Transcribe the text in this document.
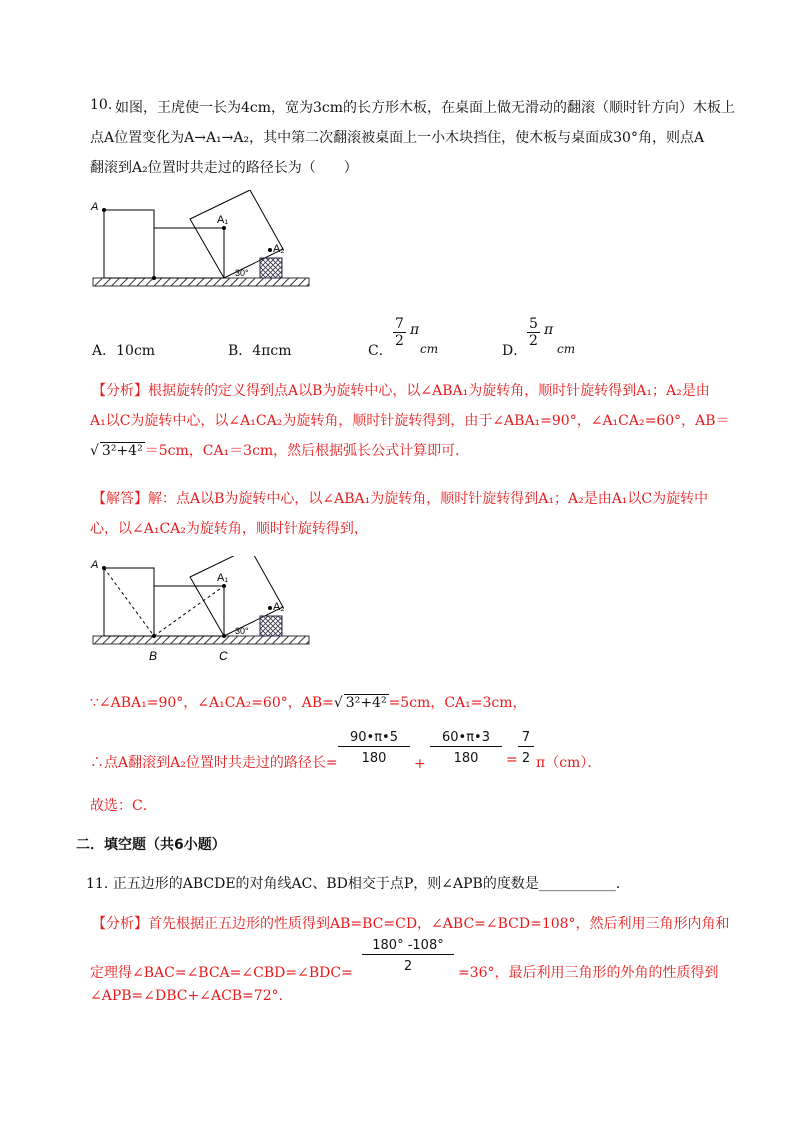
10. 如图，王虎使一长为4cm，宽为3cm的长方形木板，在桌面上做无滑动的翻滚（顺时针方向）木板上
点A位置变化为A→A₁→A₂，其中第二次翻滚被桌面上一小木块挡住，使木板与桌面成30°角，则点A
翻滚到A₂位置时共走过的路径长为（　　）
A
A₁
A₂
30°
A．10cm	B．4πcm	C．
$\frac{7}{2}$ π
cm	D．
$\frac{5}{2}$ π
cm
【分析】根据旋转的定义得到点A以B为旋转中心，以∠ABA₁为旋转角，顺时针旋转得到A₁；A₂是由
A₁以C为旋转中心，以∠A₁CA₂为旋转角，顺时针旋转得到，由于∠ABA₁=90°，∠A₁CA₂=60°，AB＝
√ 3²+4² ＝5cm，CA₁＝3cm，然后根据弧长公式计算即可．
【解答】解：点A以B为旋转中心，以∠ABA₁为旋转角，顺时针旋转得到A₁；A₂是由A₁以C为旋转中
心，以∠A₁CA₂为旋转角，顺时针旋转得到，
A
A₁
A₂
B	C
30°
∵∠ABA₁=90°，∠A₁CA₂=60°，AB=√ 3²+4² =5cm，CA₁=3cm，
∴点A翻滚到A₂位置时共走过的路径长= $\frac{90•\pi•5}{180} + \frac{60•\pi•3}{180} = \frac{7}{2} \pi(cm)$．
故选：C．
二．填空题（共6小题）
11. 正五边形的ABCDE的对角线AC、BD相交于点P，则∠APB的度数是___________．
【分析】首先根据正五边形的性质得到AB=BC=CD，∠ABC=∠BCD=108°，然后利用三角形内角和
定理得∠BAC=∠BCA=∠CBD=∠BDC= $\frac{180^\circ -108^\circ}{2} =36^\circ$，最后利用三角形的外角的性质得到
∠APB=∠DBC+∠ACB=72°.
